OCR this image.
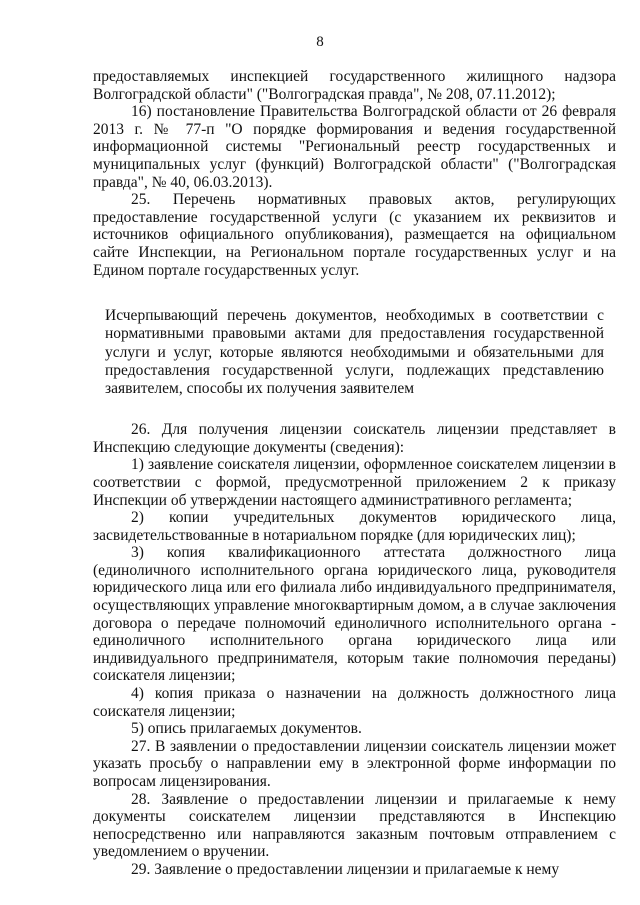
8

предоставляемых инспекцией государственного жилищного надзора Волгоградской области" ("Волгоградская правда", № 208, 07.11.2012);

16) постановление Правительства Волгоградской области от 26 февраля 2013 г. № 77-п "О порядке формирования и ведения государственной информационной системы "Региональный реестр государственных и муниципальных услуг (функций) Волгоградской области" ("Волгоградская правда", № 40, 06.03.2013).

25. Перечень нормативных правовых актов, регулирующих предоставление государственной услуги (с указанием их реквизитов и источников официального опубликования), размещается на официальном сайте Инспекции, на Региональном портале государственных услуг и на Едином портале государственных услуг.

Исчерпывающий перечень документов, необходимых в соответствии с нормативными правовыми актами для предоставления государственной услуги и услуг, которые являются необходимыми и обязательными для предоставления государственной услуги, подлежащих представлению заявителем, способы их получения заявителем

26. Для получения лицензии соискатель лицензии представляет в Инспекцию следующие документы (сведения):

1) заявление соискателя лицензии, оформленное соискателем лицензии в соответствии с формой, предусмотренной приложением 2 к приказу Инспекции об утверждении настоящего административного регламента;

2) копии учредительных документов юридического лица, засвидетельствованные в нотариальном порядке (для юридических лиц);

3) копия квалификационного аттестата должностного лица (единоличного исполнительного органа юридического лица, руководителя юридического лица или его филиала либо индивидуального предпринимателя, осуществляющих управление многоквартирным домом, а в случае заключения договора о передаче полномочий единоличного исполнительного органа - единоличного исполнительного органа юридического лица или индивидуального предпринимателя, которым такие полномочия переданы) соискателя лицензии;

4) копия приказа о назначении на должность должностного лица соискателя лицензии;

5) опись прилагаемых документов.

27. В заявлении о предоставлении лицензии соискатель лицензии может указать просьбу о направлении ему в электронной форме информации по вопросам лицензирования.

28. Заявление о предоставлении лицензии и прилагаемые к нему документы соискателем лицензии представляются в Инспекцию непосредственно или направляются заказным почтовым отправлением с уведомлением о вручении.

29. Заявление о предоставлении лицензии и прилагаемые к нему
